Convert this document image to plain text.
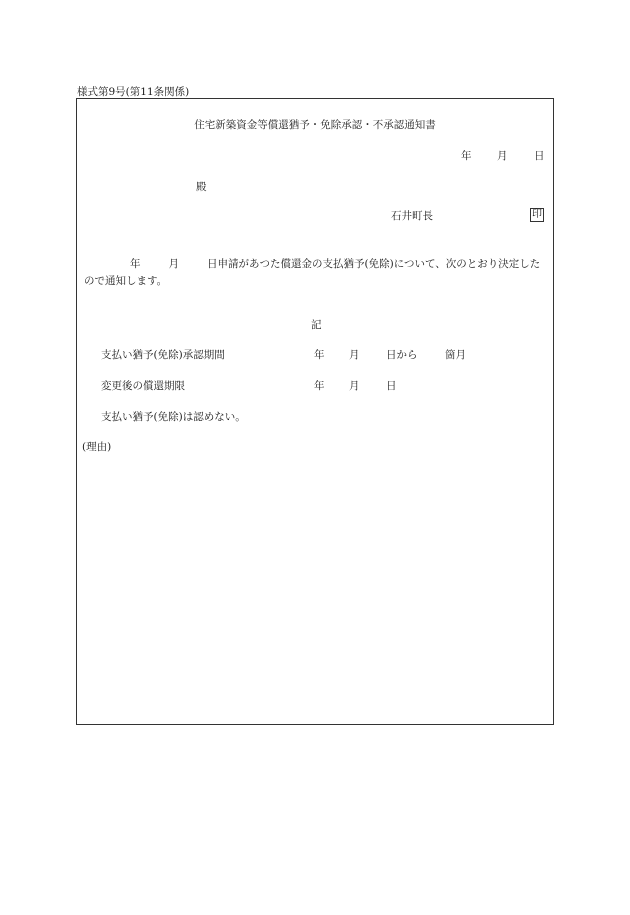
様式第9号(第11条関係)
住宅新築資金等償還猶予・免除承認・不承認通知書
年 月	日
殿
石井町長	印
年	月	日申請があつた償還金の支払猶予(免除)について、次のとおり決定したので通知します。
記
支払い猶予(免除)承認期間	年 月	日から	箇月
変更後の償還期限	年 月	日
支払い猶予(免除)は認めない。
(理由)
